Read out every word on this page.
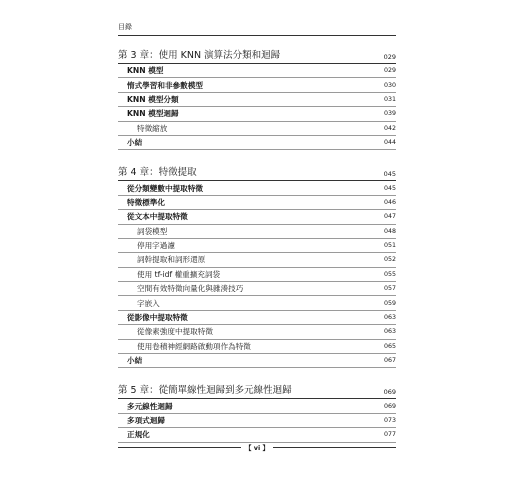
目錄
第 3 章：使用 KNN 演算法分類和迴歸	029
KNN 模型	029
惰式學習和非參數模型	030
KNN 模型分類	031
KNN 模型迴歸	039
特徵縮放	042
小結	044
第 4 章：特徵提取	045
從分類變數中提取特徵	045
特徵標準化	046
從文本中提取特徵	047
詞袋模型	048
停用字過濾	051
詞幹提取和詞形還原	052
使用 tf-idf 權重擴充詞袋	055
空間有效特徵向量化與雜湊技巧	057
字嵌入	059
從影像中提取特徵	063
從像素強度中提取特徵	063
使用卷積神經網路啟動項作為特徵	065
小結	067
第 5 章：從簡單線性迴歸到多元線性迴歸	069
多元線性迴歸	069
多項式迴歸	073
正規化	077
【 vi 】
